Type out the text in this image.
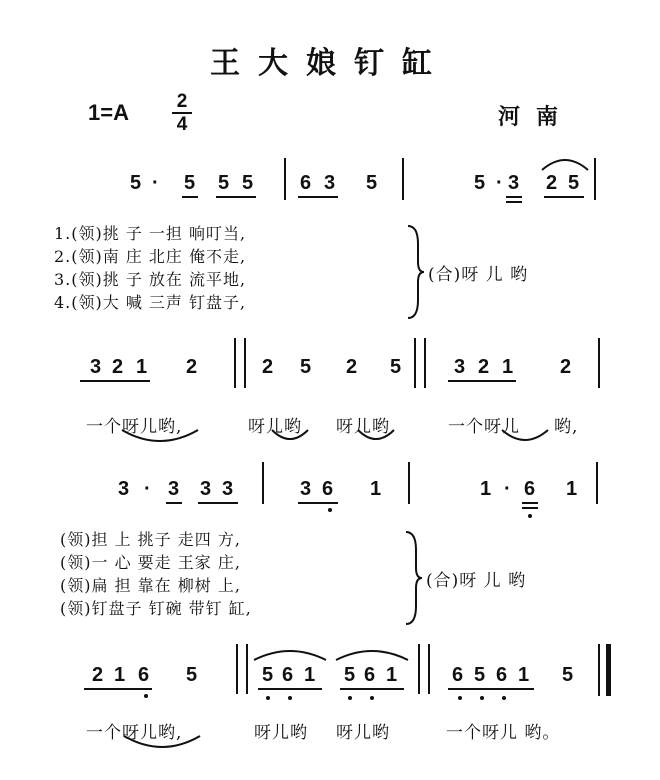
王大娘钉缸
1=A	2
4	河南
5 · 5 5 5 6 3 5	5 · 3 2 5
1.(领)挑 子 一担 响叮当,
2.(领)南 庄 北庄 俺不走,
3.(领)挑 子 放在 流平地,
4.(领)大 喊 三声 钉盘子,
(合)呀 儿 哟
3 2 1 2	2 5 2 5	3 2 1 2
一个呀儿哟,	呀儿哟 呀儿哟	一个呀儿 哟,
3 · 3 3 3	3 6 1	1 · 6 1
(领)担 上 挑子 走四 方,
(领)一 心 要走 王家 庄,
(领)扁 担 靠在 柳树 上,
(领)钉盘子 钉碗 带钉 缸,
(合)呀 儿 哟
2 1 6 5	5 6 1 5 6 1	6 5 6 1 5
一个呀儿哟,	呀儿哟 呀儿哟	一个呀儿 哟。
